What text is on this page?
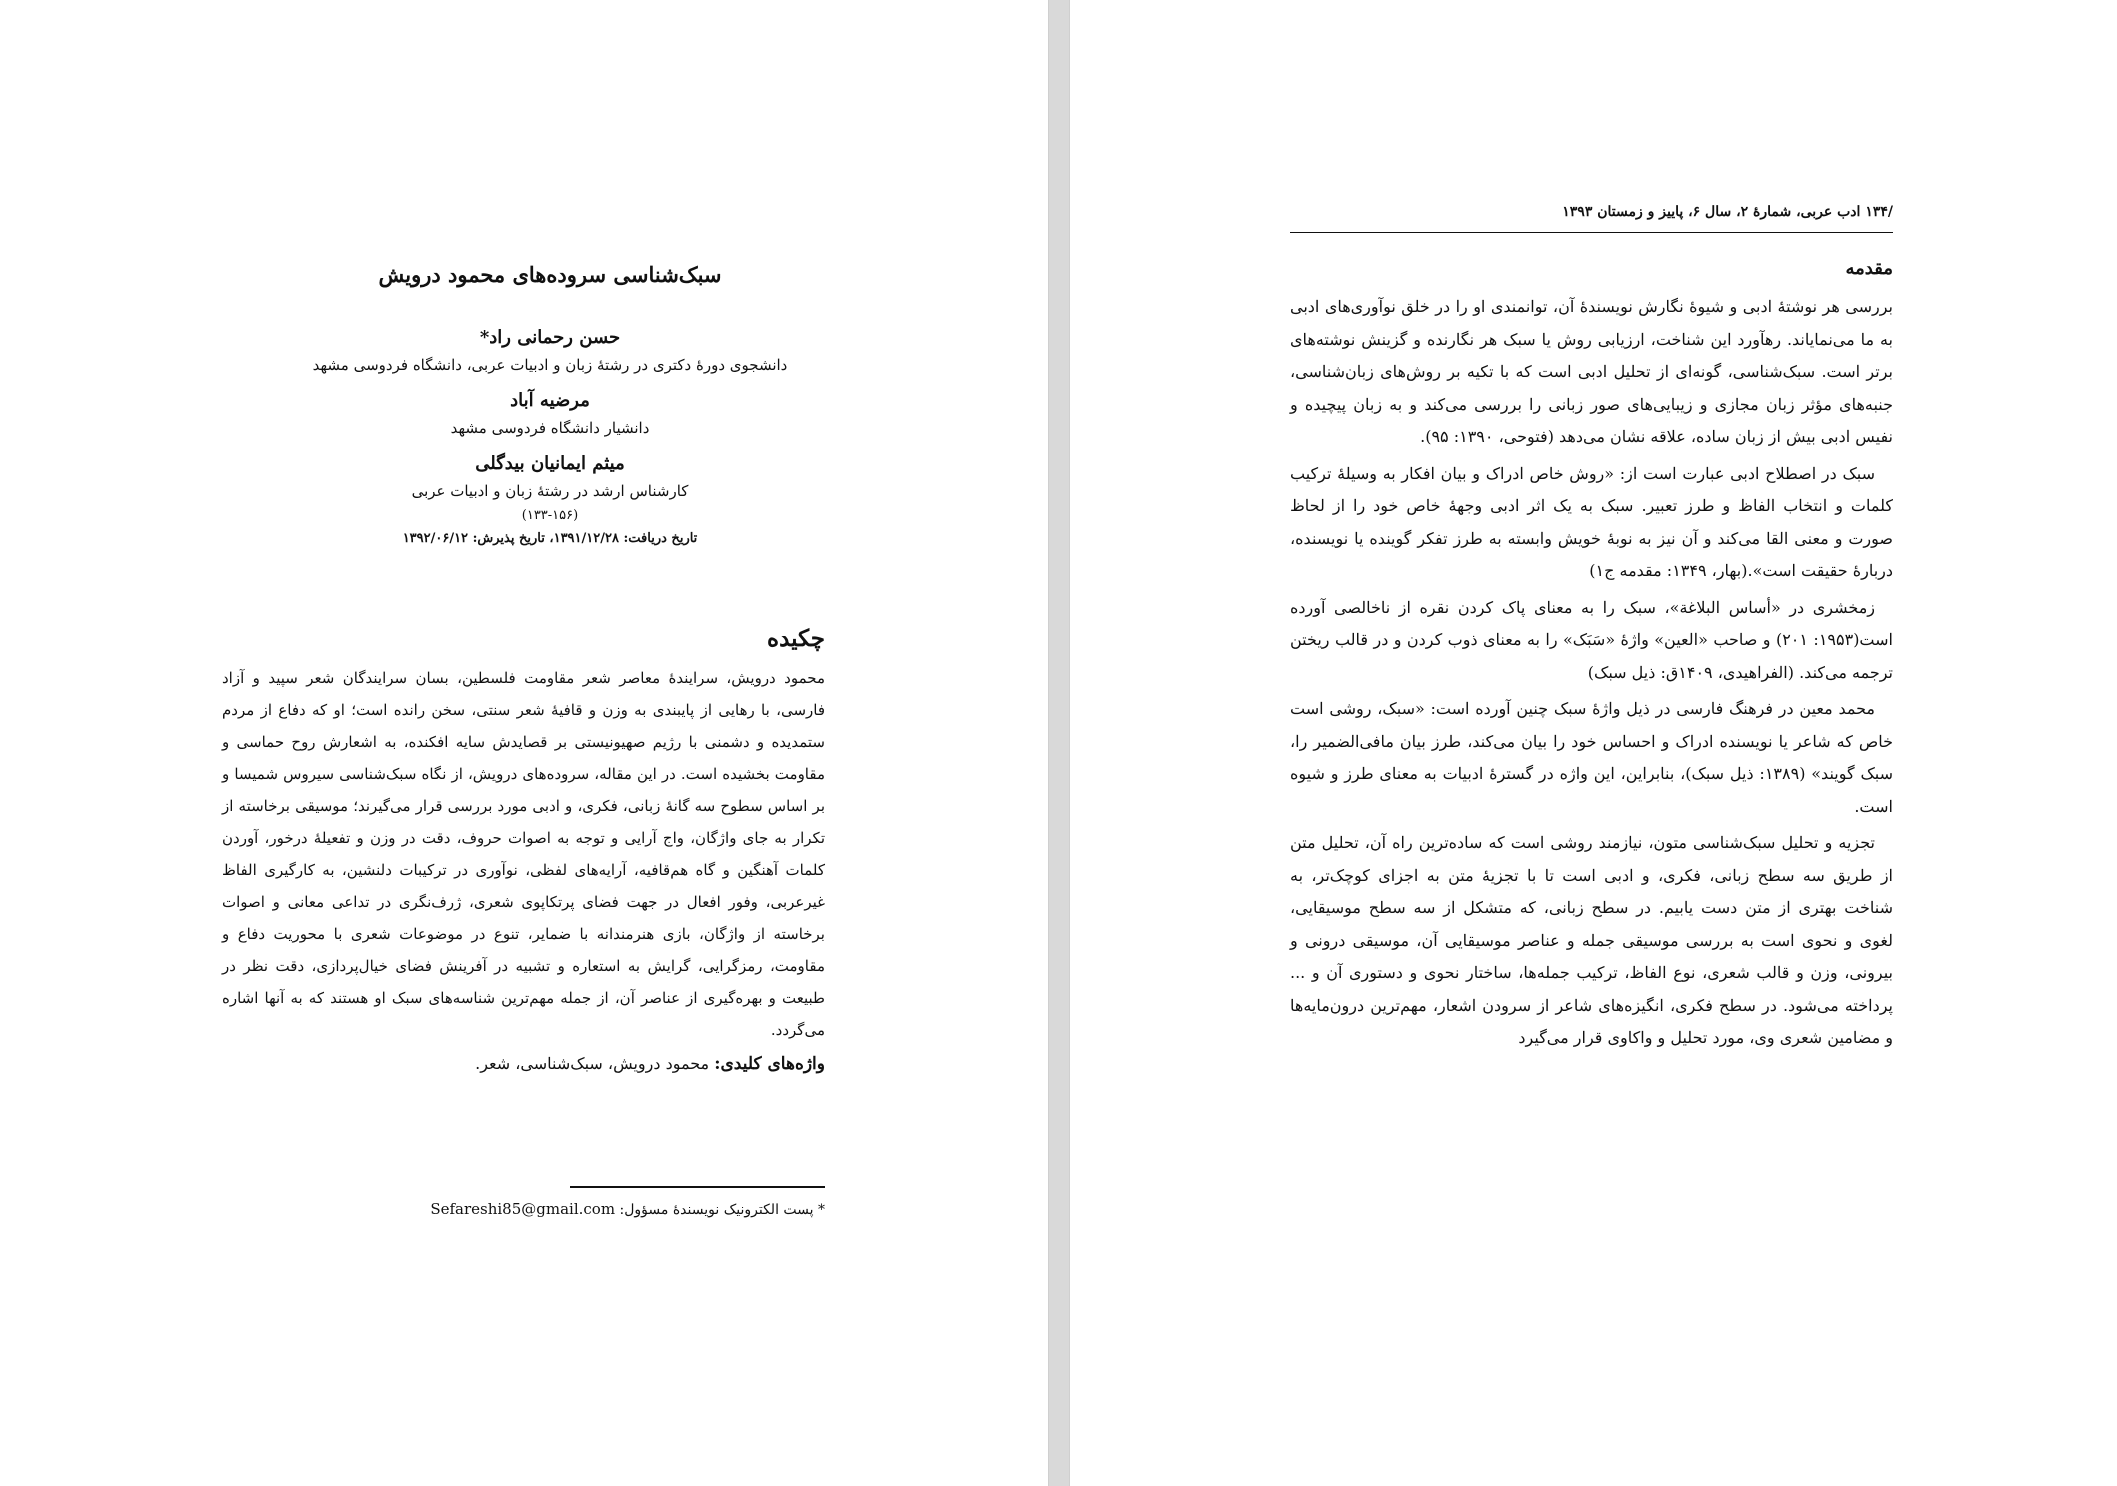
سبک‌شناسی سروده‌های محمود درویش
حسن رحمانی راد*
دانشجوی دورۀ دکتری در رشتۀ زبان و ادبیات عربی، دانشگاه فردوسی مشهد
مرضیه آباد
دانشیار دانشگاه فردوسی مشهد
میثم ایمانیان بیدگلی
کارشناس ارشد در رشتۀ زبان و ادبیات عربی
(۱۳۳-۱۵۶)
تاریخ دریافت: ۱۳۹۱/۱۲/۲۸، تاریخ پذیرش: ۱۳۹۲/۰۶/۱۲
چکیده

محمود درویش، سرایندۀ معاصر شعر مقاومت فلسطین، بسان سرایندگان شعر سپید و آزاد فارسی، با رهایی از پایبندی به وزن و قافیۀ شعر سنتی، سخن رانده است؛ او که دفاع از مردم ستمدیده و دشمنی با رژیم صهیونیستی بر قصایدش سایه افکنده، به اشعارش روح حماسی و مقاومت بخشیده است. در این مقاله، سروده‌های درویش، از نگاه سبک‌شناسی سیروس شمیسا و بر اساس سطوح سه گانۀ زبانی، فکری، و ادبی مورد بررسی قرار می‌گیرند؛ موسیقی برخاسته از تکرار به جای واژگان، واج آرایی و توجه به اصوات حروف، دقت در وزن و تفعیلۀ درخور، آوردن کلمات آهنگین و گاه هم‌قافیه، آرایه‌های لفظی، نوآوری در ترکیبات دلنشین، به کارگیری الفاظ غیرعربی، وفور افعال در جهت فضای پرتکاپوی شعری، ژرف‌نگری در تداعی معانی و اصوات برخاسته از واژگان، بازی هنرمندانه با ضمایر، تنوع در موضوعات شعری با محوریت دفاع و مقاومت، رمزگرایی، گرایش به استعاره و تشبیه در آفرینش فضای خیال‌پردازی، دقت نظر در طبیعت و بهره‌گیری از عناصر آن، از جمله مهم‌ترین شناسه‌های سبک او هستند که به آنها اشاره می‌گردد.

واژه‌های کلیدی: محمود درویش، سبک‌شناسی، شعر.
* پست الکترونیک نویسندۀ مسؤول: Sefareshi85@gmail.com
/۱۳۴ ادب عربی، شمارۀ ۲، سال ۶، پاییز و زمستان ۱۳۹۳
مقدمه

بررسی هر نوشتۀ ادبی و شیوۀ نگارش نویسندۀ آن، توانمندی او را در خلق نوآوری‌های ادبی به ما می‌نمایاند. رهآورد این شناخت، ارزیابی روش یا سبک هر نگارنده و گزینش نوشته‌های برتر است. سبک‌شناسی، گونه‌ای از تحلیل ادبی است که با تکیه بر روش‌های زبان‌شناسی، جنبه‌های مؤثر زبان مجازی و زیبایی‌های صور زبانی را بررسی می‌کند و به زبان پیچیده و نفیس ادبی بیش از زبان ساده، علاقه نشان می‌دهد (فتوحی، ۱۳۹۰: ۹۵).

سبک در اصطلاح ادبی عبارت است از: «روش خاص ادراک و بیان افکار به وسیلۀ ترکیب کلمات و انتخاب الفاظ و طرز تعبیر. سبک به یک اثر ادبی وجهۀ خاص خود را از لحاظ صورت و معنی القا می‌کند و آن نیز به نوبۀ خویش وابسته به طرز تفکر گوینده یا نویسنده، دربارۀ حقیقت است».(بهار، ۱۳۴۹: مقدمه ج۱)

زمخشری در «أساس البلاغة»، سبک را به معنای پاک کردن نقره از ناخالصی آورده است(۱۹۵۳: ۲۰۱) و صاحب «العین» واژۀ «سَبَک» را به معنای ذوب کردن و در قالب ریختن ترجمه می‌کند. (الفراهیدی، ۱۴۰۹ق: ذیل سبک)

محمد معین در فرهنگ فارسی در ذیل واژۀ سبک چنین آورده است: «سبک، روشی است خاص که شاعر یا نویسنده ادراک و احساس خود را بیان می‌کند، طرز بیان مافی‌الضمیر را، سبک گویند» (۱۳۸۹: ذیل سبک)، بنابراین، این واژه در گسترۀ ادبیات به معنای طرز و شیوه است.

تجزیه و تحلیل سبک‌شناسی متون، نیازمند روشی است که ساده‌ترین راه آن، تحلیل متن از طریق سه سطح زبانی، فکری، و ادبی است تا با تجزیۀ متن به اجزای کوچک‌تر، به شناخت بهتری از متن دست یابیم. در سطح زبانی، که متشکل از سه سطح موسیقایی، لغوی و نحوی است به بررسی موسیقی جمله و عناصر موسیقایی آن، موسیقی درونی و بیرونی، وزن و قالب شعری، نوع الفاظ، ترکیب جمله‌ها، ساختار نحوی و دستوری آن و ... پرداخته می‌شود. در سطح فکری، انگیزه‌های شاعر از سرودن اشعار، مهم‌ترین درون‌مایه‌ها و مضامین شعری وی، مورد تحلیل و واکاوی قرار می‌گیرد
